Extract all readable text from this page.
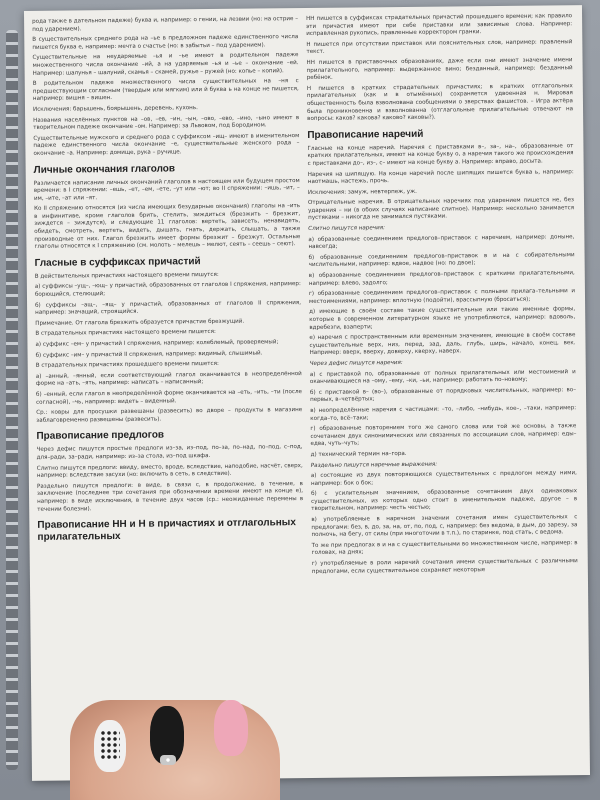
рода также в дательном падеже) буква и, например: о гении, на лезвии (но: на острие – под ударением).

В существительных среднего рода на –ье в предложном падеже единственного числа пишется буква е, например: мечта о счастье (но: в забытьи – под ударением).

Существительные на неударяемые –ья и –ье имеют в родительном падеже множественного числа окончание –ий, а на ударяемые –ья и –ье – окончание –ей. Например: шалунья – шалуний, скамья – скамей, ружье – ружей (но: копье – копий).

В родительном падеже множественного числа существительных на –ня с предшествующим согласным (твердым или мягким) или й буква ь на конце не пишется, например: вишня – вишен.

Исключения: барышень, боярышень, деревень, кухонь.

Названия населённых пунктов на –ов, –ев, –ин, –ын, –ово, –ево, –ино, –ыно имеют в творительном падеже окончание –ом. Например: за Львовом, под Бородином.

Существительные мужского и среднего рода с суффиксом –ищ– имеют в именительном падеже единственного числа окончание –е, существительные женского рода – окончание –а. Например: домище, рука – ручище.

Личные окончания глаголов

Различается написание личных окончаний глаголов в настоящем или будущем простом времени: в I спряжении: –ешь, –ет, –ем, –ете, –ут или –ют; во II спряжении: –ишь, –ит, –им, –ите, –ат или –ят.

Ко II спряжению относятся (из числа имеющих безударные окончания) глаголы на –ить в инфинитиве, кроме глаголов брить, стелить, зиждиться (брезжить – брезжит, зиждется – зиждутся), и следующие 11 глаголов: вертеть, зависеть, ненавидеть, обидеть, смотреть, вертеть, видеть, дышать, гнать, держать, слышать, а также производные от них. Глагол брезжить имеет формы брезжит – брезжут. Остальные глаголы относятся к I спряжению (см. молоть – мелешь – мелют, сеять – сеешь – сеют).

Гласные в суффиксах причастий

В действительных причастиях настоящего времени пишутся:

а) суффиксы –ущ–, –ющ– у причастий, образованных от глаголов I спряжения, например: борющийся, стелющий;

б) суффиксы –ащ–, –ящ– у причастий, образованных от глаголов II спряжения, например: значащий, строящийся.

Примечание. От глагола брезжить образуется причастие брезжущий.

В страдательных причастиях настоящего времени пишется:

а) суффикс –ем– у причастий I спряжения, например: колеблемый, проверяемый;

б) суффикс –им– у причастий II спряжения, например: видимый, слышимый.

В страдательных причастиях прошедшего времени пишется:

а) –анный, –янный, если соответствующий глагол оканчивается в неопределённой форме на –ать, –ять, например: написать – написанный;

б) –енный, если глагол в неопределённой форме оканчивается на –еть, –ить, –ти (после согласной), –чь, например: видеть – виденный.

Ср.: ковры для просушки развешаны (развесить) во дворе – продукты в магазине заблаговременно развешены (развесить).

Правописание предлогов

Через дефис пишутся простые предлоги из–за, из–под, по–за, по–над, по–под, с–под, для–ради, за–ради, например: из–за стола, из–под шкафа.

Слитно пишутся предлоги: ввиду, вместо, вроде, вследствие, наподобие, насчёт, сверх, например: вследствие засухи (но: включить в сеть, в следствие).

Раздельно пишутся предлоги: в виде, в связи с, в продолжение, в течение, в заключение (последнее три сочетания при обозначении времени имеют на конце е), например: в виде исключения, в течение двух часов (ср.: неожиданные перемены в течении болезни).

Правописание НН и Н в причастиях и отглагольных прилагательных

НН пишется в суффиксах страдательных причастий прошедшего времени; как правило эти причастия имеют при себе приставки или зависимые слова. Например: исправленная рукопись, правленные корректором гранки.

Н пишется при отсутствии приставок или пояснительных слов, например: правленый текст.

НН пишется в приставочных образованиях, даже если они имеют значение имени прилагательного, например: выдержанное вино; безданный, например: безданный ребёнок.

Н пишется в кратких страдательных причастиях; в кратких отглагольных прилагательных (как и в отымённых) сохраняется удвоенная н. Мировая общественность была взволнована сообщениями о зверствах фашистов. – Игра актёра была проникновенна и взволнованна (отглагольные прилагательные отвечают на вопросы: каков? какова? каково? каковы?).

Правописание наречий

Гласные на конце наречий. Наречия с приставками в–, за–, на–, образованные от кратких прилагательных, имеют на конце букву о, а наречия такого же происхождения с приставками до–, из–, с– имеют на конце букву а. Например: вправо, досыта.

Наречия на шипящую. На конце наречий после шипящих пишется буква ь, например: наотмашь, настежь, прочь.

Исключения: замуж, невтерпеж, уж.

Отрицательные наречия. В отрицательных наречиях под ударением пишется не, без ударения – ни (в обоих случаях написание слитное). Например: нескольно занимается пустяками – никогда не занимался пустяками.

Слитно пишутся наречия:

а) образованные соединением предлогов–приставок с наречием, например: доныне, навсегда;

б) образованные соединением предлогов–приставок в и на с собирательными числительными, например: вдвое, надвое (но: по двое);

в) образованные соединением предлогов–приставок с краткими прилагательными, например: влево, задолго;

г) образованные соединением предлогов–приставок с полными прилага–тельными и местоимениями, например: вплотную (подойти), врассыпную (бросаться);

д) имеющие в своём составе такие существительные или такие именные формы, которые в современном литературном языке не употребляются, например: вдоволь, вдребезги, взаперти;

е) наречия с пространственным или временным значением, имеющие в своём составе существительные верх, низ, перед, зад, даль, глубь, ширь, начало, конец, век. Например: вверх, вверху, доверху, кверху, наверх.

Через дефис пишутся наречия:

а) с приставкой по, образованные от полных прилагательных или местоимений и оканчивающиеся на –ому, –ему, –ки, –ьи, например: работать по–новому;

б) с приставкой в– (во–), образованные от порядковых числительных, например: во–первых, в–четвёртых;

в) неопределённые наречия с частицами: –то, –либо, –нибудь, кое–, –таки, например: когда–то, всё–таки;

г) образованные повторением того же самого слова или той же основы, а также сочетанием двух синонимических или связанных по ассоциации слов, например: еды–едва, чуть–чуть;

д) технический термин на–гора.

Раздельно пишутся наречные выражения:

а) состоящие из двух повторяющихся существительных с предлогом между ними, например: бок о бок;

б) с усилительным значением, образованные сочетанием двух одинаковых существительных, из которых одно стоит в именительном падеже, другое – в творительном, например: честь честью;

в) употребляемые в наречном значении сочетания имен существительных с предлогами: без, в, до, за, на, от, по, под, с, например: без ведома, в дым, до зарезу, за полночь, на бегу, от силы (при многоточии в т.п.), по старинке, под стать, с ведома.

То же при предлогах в и на с существительными во множественном числе, например: в головах, на днях;

г) употребляемые в роли наречий сочетания имени существительных с различными предлогами, если существительное сохраняет некоторые
